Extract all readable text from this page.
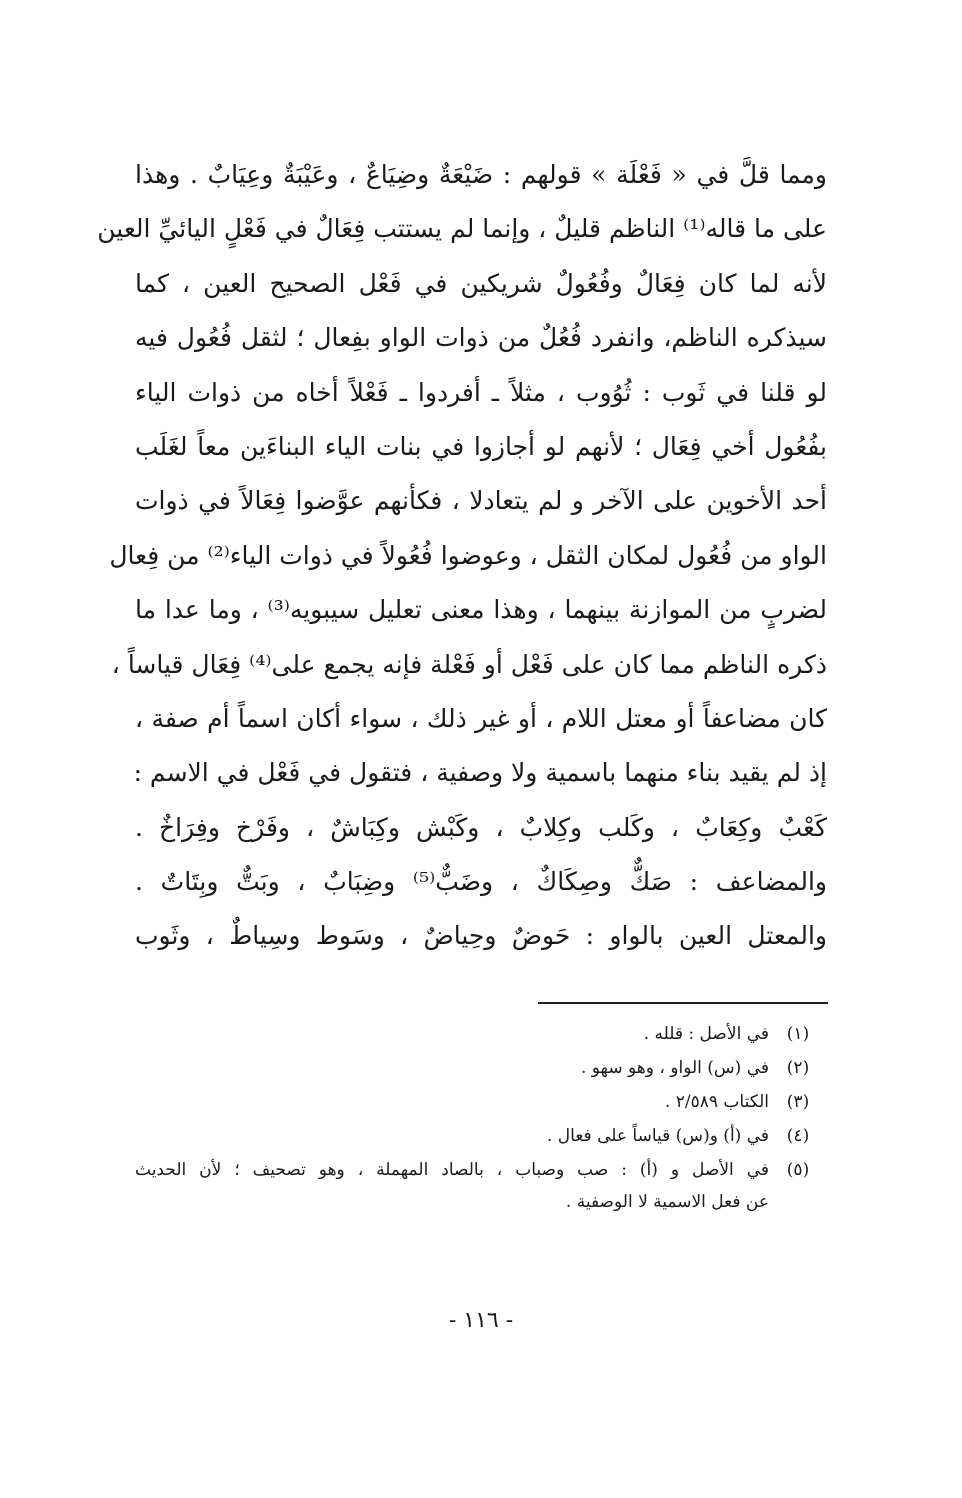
ومما قلَّ في « فَعْلَة » قولهم : ضَيْعَةٌ وضِيَاعٌ ، وعَيْبَةٌ وعِيَابٌ . وهذا
على ما قاله⁽¹⁾ الناظم قليلٌ ، وإنما لم يستتب فِعَالٌ في فَعْلٍ اليائيِّ العين
لأنه لما كان فِعَالٌ وفُعُولٌ شريكين في فَعْل الصحيح العين ، كما
سيذكره الناظم، وانفرد فُعُلٌ من ذوات الواو بفِعال ؛ لثقل فُعُول فيه
لو قلنا في ثَوب : ثُوُوب ، مثلاً ـ أفردوا ـ فَعْلاً أخاه من ذوات الياء
بفُعُول أخي فِعَال ؛ لأنهم لو أجازوا في بنات الياء البناءَين معاً لغَلَب
أحد الأخوين على الآخر و لم يتعادلا ، فكأنهم عوَّضوا فِعَالاً في ذوات
الواو من فُعُول لمكان الثقل ، وعوضوا فُعُولاً في ذوات الياء⁽²⁾ من فِعال
لضربٍ من الموازنة بينهما ، وهذا معنى تعليل سيبويه⁽³⁾ ، وما عدا ما
ذكره الناظم مما كان على فَعْل أو فَعْلة فإنه يجمع على⁽⁴⁾ فِعَال قياساً ،
كان مضاعفاً أو معتل اللام ، أو غير ذلك ، سواء أكان اسماً أم صفة ،
إذ لم يقيد بناء منهما باسمية ولا وصفية ، فتقول في فَعْل في الاسم :
كَعْبٌ وكِعَابٌ ، وكَلب وكِلابٌ ، وكَبْش وكِبَاشٌ ، وفَرْخ وفِرَاخٌ .
والمضاعف : صَكٌّ وصِكَاكٌ ، وضَبٌّ⁽⁵⁾ وضِبَابٌ ، وبَتٌّ وبِتَاتٌ .
والمعتل العين بالواو : حَوضٌ وحِياضٌ ، وسَوط وسِياطٌ ، وثَوب
(١)
في الأصل : قلله .
(٢)
في (س) الواو ، وهو سهو .
(٣)
الكتاب ٢/٥٨٩ .
(٤)
في (أ) و(س) قياساً على فعال .
(٥)
في الأصل و (أ) : صب وصباب ، بالصاد المهملة ، وهو تصحيف ؛ لأن الحديث
عن فعل الاسمية لا الوصفية .
- ١١٦ -
